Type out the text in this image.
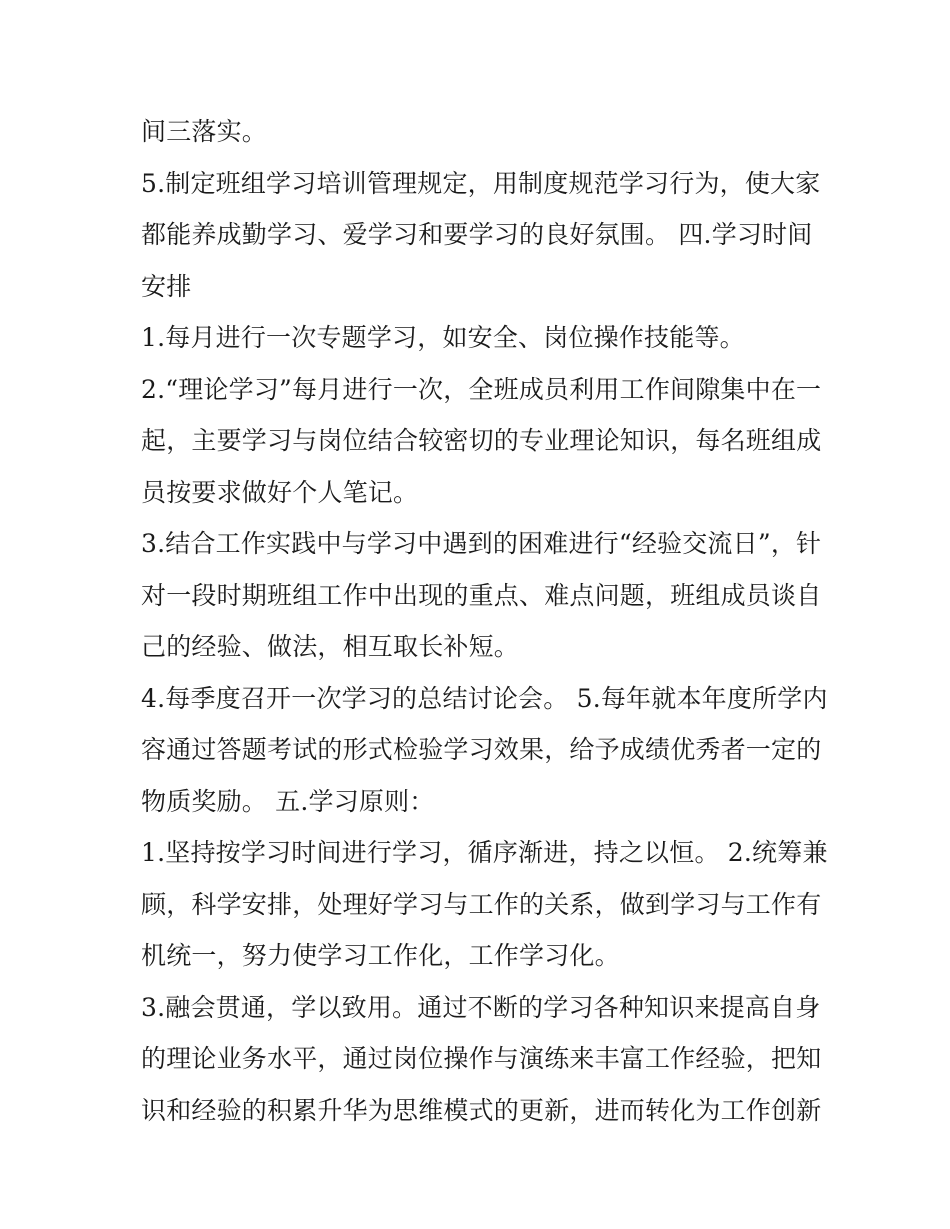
间三落实。
5.制定班组学习培训管理规定，用制度规范学习行为，使大家
都能养成勤学习、爱学习和要学习的良好氛围。 四.学习时间
安排
1.每月进行一次专题学习，如安全、岗位操作技能等。
2.“理论学习”每月进行一次，全班成员利用工作间隙集中在一
起，主要学习与岗位结合较密切的专业理论知识，每名班组成
员按要求做好个人笔记。
3.结合工作实践中与学习中遇到的困难进行“经验交流日”，针
对一段时期班组工作中出现的重点、难点问题，班组成员谈自
己的经验、做法，相互取长补短。
4.每季度召开一次学习的总结讨论会。 5.每年就本年度所学内
容通过答题考试的形式检验学习效果，给予成绩优秀者一定的
物质奖励。 五.学习原则：
1.坚持按学习时间进行学习，循序渐进，持之以恒。 2.统筹兼
顾，科学安排，处理好学习与工作的关系，做到学习与工作有
机统一，努力使学习工作化，工作学习化。
3.融会贯通，学以致用。通过不断的学习各种知识来提高自身
的理论业务水平，通过岗位操作与演练来丰富工作经验，把知
识和经验的积累升华为思维模式的更新，进而转化为工作创新
